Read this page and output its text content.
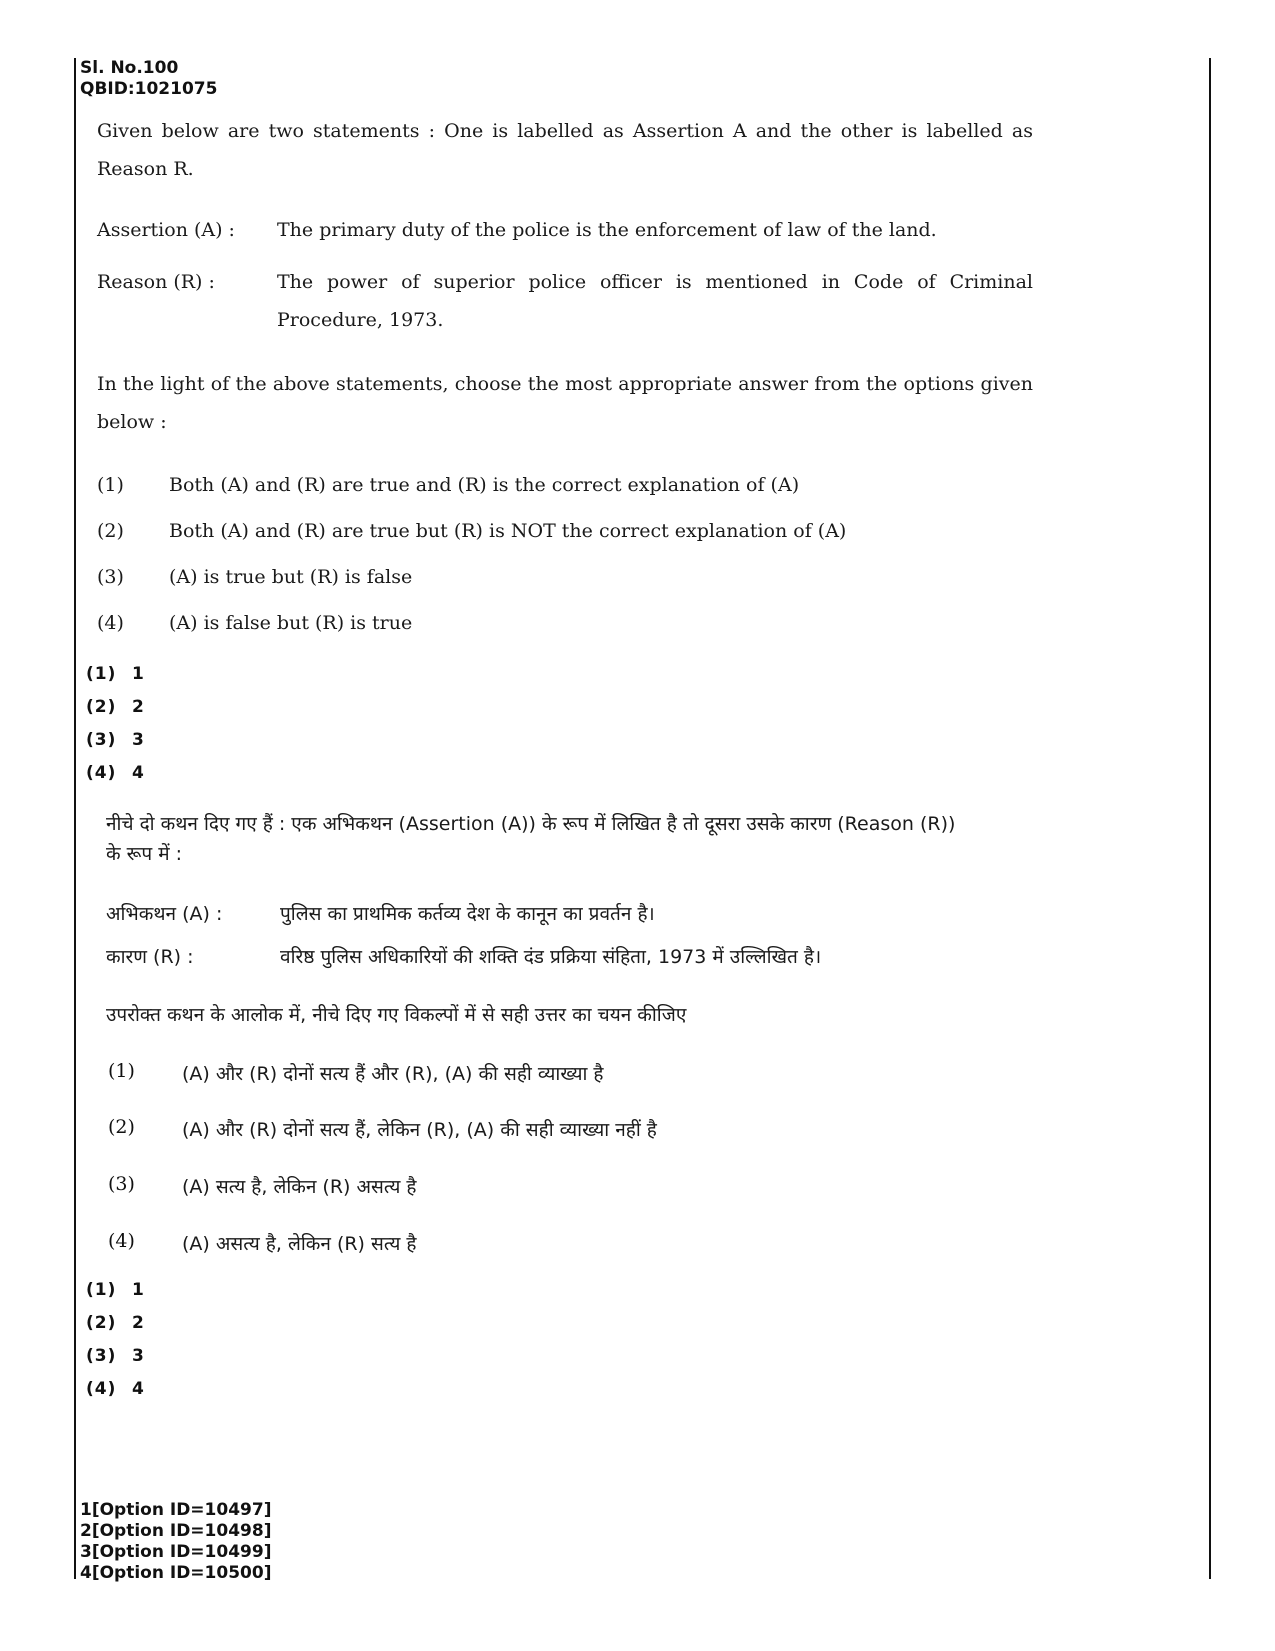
Sl. No.100
QBID:1021075
Given below are two statements : One is labelled as Assertion A and the other is labelled as Reason R.
Assertion (A) : The primary duty of the police is the enforcement of law of the land.
Reason (R) :	The power of superior police officer is mentioned in Code of Criminal Procedure, 1973.
In the light of the above statements, choose the most appropriate answer from the options given below :
(1) Both (A) and (R) are true and (R) is the correct explanation of (A)
(2) Both (A) and (R) are true but (R) is NOT the correct explanation of (A)
(3) (A) is true but (R) is false
(4) (A) is false but (R) is true
(1) 1
(2) 2
(3) 3
(4) 4
नीचे दो कथन दिए गए हैं : एक अभिकथन (Assertion (A)) के रूप में लिखित है तो दूसरा उसके कारण (Reason (R))
के रूप में :
अभिकथन (A) :	पुलिस का प्राथमिक कर्तव्य देश के कानून का प्रवर्तन है।
कारण (R) :	वरिष्ठ पुलिस अधिकारियों की शक्ति दंड प्रक्रिया संहिता, 1973 में उल्लिखित है।
उपरोक्त कथन के आलोक में, नीचे दिए गए विकल्पों में से सही उत्तर का चयन कीजिए
(1) (A) और (R) दोनों सत्य हैं और (R), (A) की सही व्याख्या है
(2) (A) और (R) दोनों सत्य हैं, लेकिन (R), (A) की सही व्याख्या नहीं है
(3) (A) सत्य है, लेकिन (R) असत्य है
(4) (A) असत्य है, लेकिन (R) सत्य है
(1) 1
(2) 2
(3) 3
(4) 4
1[Option ID=10497]
2[Option ID=10498]
3[Option ID=10499]
4[Option ID=10500]
